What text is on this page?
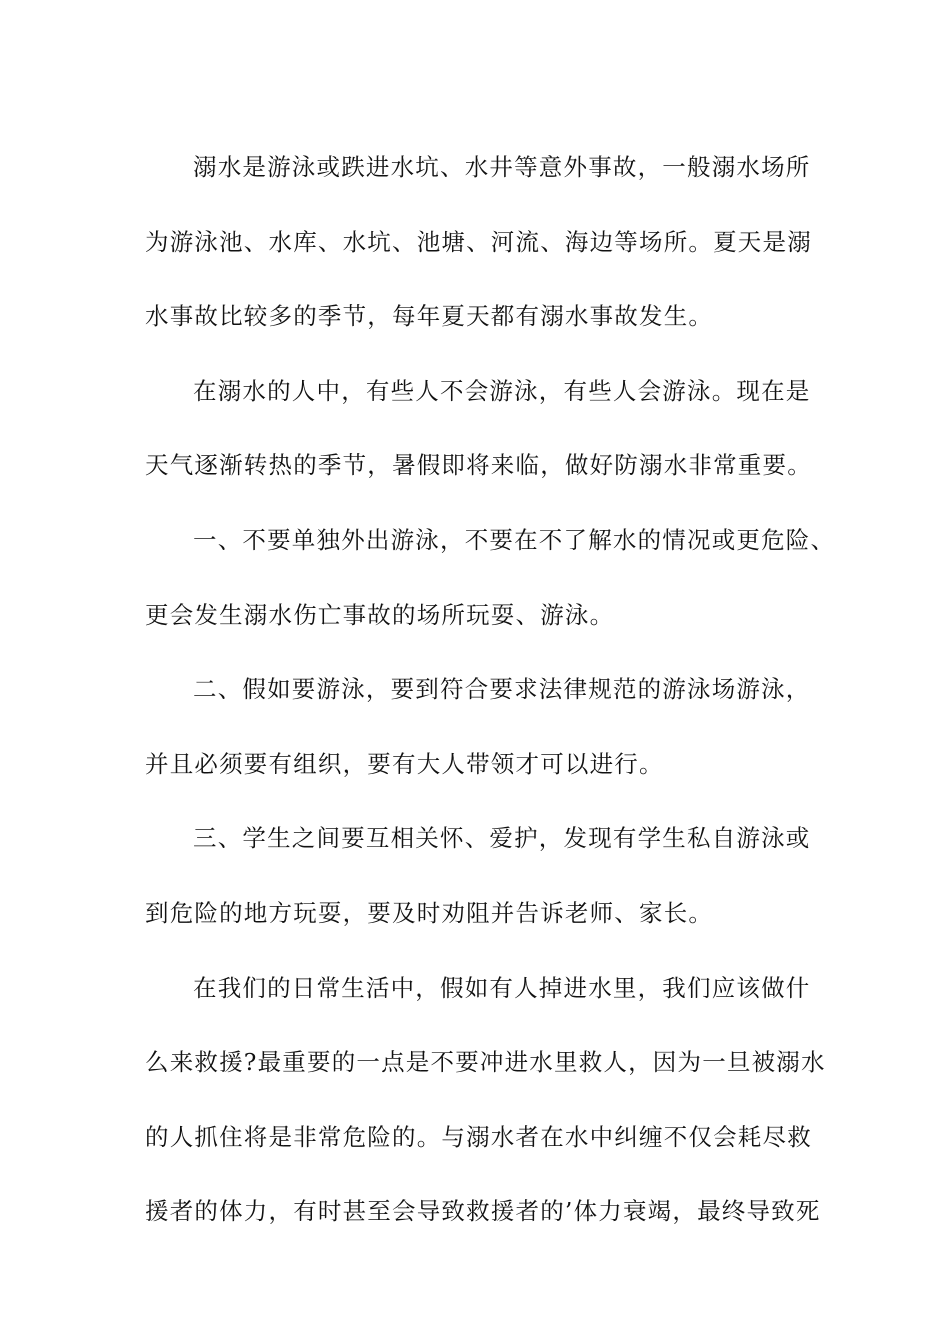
溺水是游泳或跌进水坑、水井等意外事故，一般溺水场所
为游泳池、水库、水坑、池塘、河流、海边等场所。夏天是溺
水事故比较多的季节，每年夏天都有溺水事故发生。
在溺水的人中，有些人不会游泳，有些人会游泳。现在是
天气逐渐转热的季节，暑假即将来临，做好防溺水非常重要。
一、不要单独外出游泳，不要在不了解水的情况或更危险、
更会发生溺水伤亡事故的场所玩耍、游泳。
二、假如要游泳，要到符合要求法律规范的游泳场游泳，
并且必须要有组织，要有大人带领才可以进行。
三、学生之间要互相关怀、爱护，发现有学生私自游泳或
到危险的地方玩耍，要及时劝阻并告诉老师、家长。
在我们的日常生活中，假如有人掉进水里，我们应该做什
么来救援?最重要的一点是不要冲进水里救人，因为一旦被溺水
的人抓住将是非常危险的。与溺水者在水中纠缠不仅会耗尽救
援者的体力，有时甚至会导致救援者的’体力衰竭，最终导致死
